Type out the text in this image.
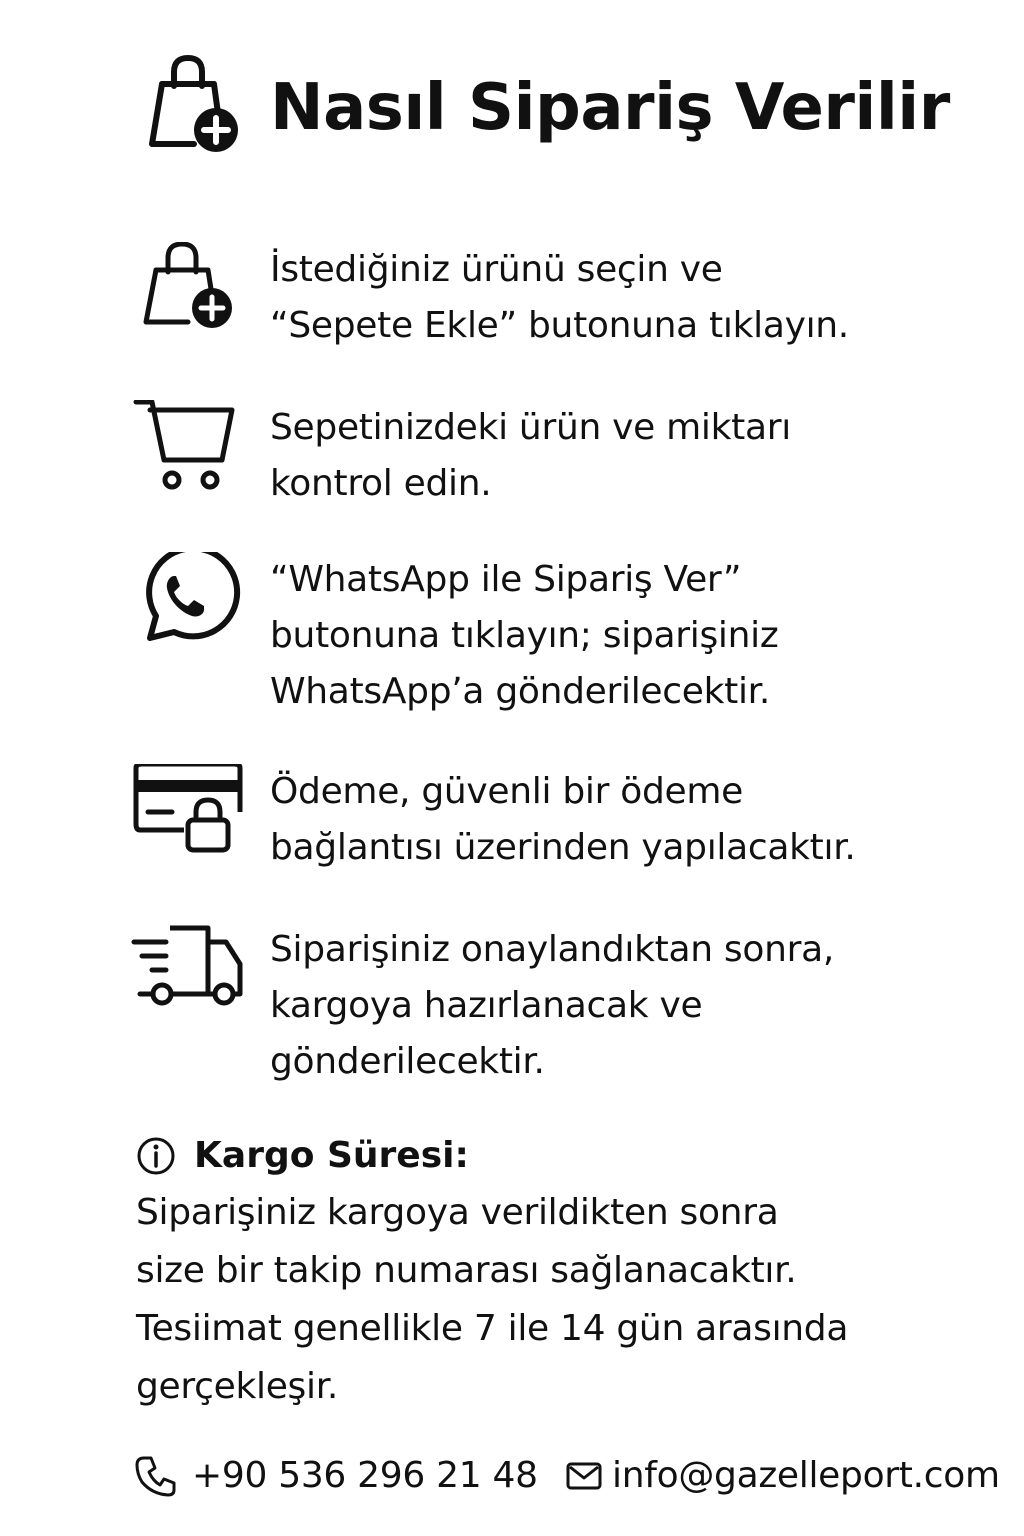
Nasıl Sipariş Verilir
İstediğiniz ürünü seçin ve
“Sepete Ekle” butonuna tıklayın.
Sepetinizdeki ürün ve miktarı
kontrol edin.
“WhatsApp ile Sipariş Ver”
butonuna tıklayın; siparişiniz
WhatsApp’a gönderilecektir.
Ödeme, güvenli bir ödeme
bağlantısı üzerinden yapılacaktır.
Siparişiniz onaylandıktan sonra,
kargoya hazırlanacak ve
gönderilecektir.
Kargo Süresi:
Siparişiniz kargoya verildikten sonra
size bir takip numarası sağlanacaktır.
Tesiimat genellikle 7 ile 14 gün arasında
gerçekleşir.
+90 536 296 21 48 info@gazelleport.com
